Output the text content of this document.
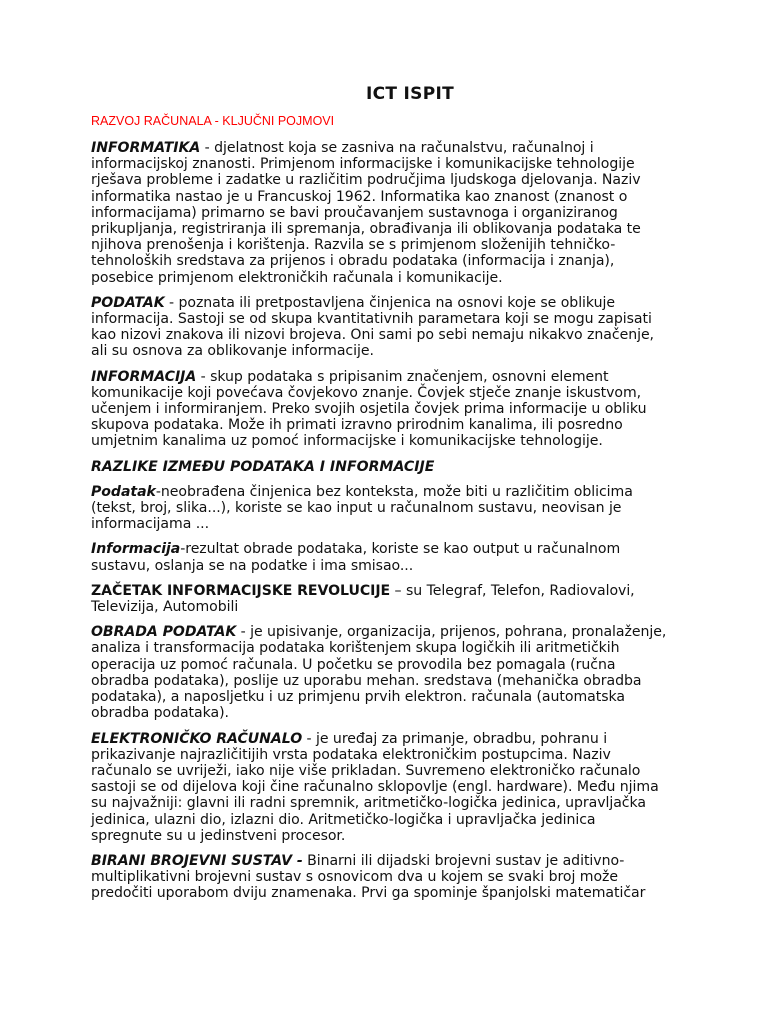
ICT ISPIT
RAZVOJ RAČUNALA - KLJUČNI POJMOVI

INFORMATIKA - djelatnost koja se zasniva na računalstvu, računalnoj i informacijskoj znanosti. Primjenom informacijske i komunikacijske tehnologije rješava probleme i zadatke u različitim područjima ljudskoga djelovanja. Naziv informatika nastao je u Francuskoj 1962. Informatika kao znanost (znanost o informacijama) primarno se bavi proučavanjem sustavnoga i organiziranog prikupljanja, registriranja ili spremanja, obrađivanja ili oblikovanja podataka te njihova prenošenja i korištenja. Razvila se s primjenom složenijih tehničko-tehnoloških sredstava za prijenos i obradu podataka (informacija i znanja), posebice primjenom elektroničkih računala i komunikacije.

PODATAK - poznata ili pretpostavljena činjenica na osnovi koje se oblikuje informacija. Sastoji se od skupa kvantitativnih parametara koji se mogu zapisati kao nizovi znakova ili nizovi brojeva. Oni sami po sebi nemaju nikakvo značenje, ali su osnova za oblikovanje informacije.

INFORMACIJA - skup podataka s pripisanim značenjem, osnovni element komunikacije koji povećava čovjekovo znanje. Čovjek stječe znanje iskustvom, učenjem i informiranjem. Preko svojih osjetila čovjek prima informacije u obliku skupova podataka. Može ih primati izravno prirodnim kanalima, ili posredno umjetnim kanalima uz pomoć informacijske i komunikacijske tehnologije.

RAZLIKE IZMEĐU PODATAKA I INFORMACIJE

Podatak-neobrađena činjenica bez konteksta, može biti u različitim oblicima (tekst, broj, slika...), koriste se kao input u računalnom sustavu, neovisan je informacijama ...

Informacija-rezultat obrade podataka, koriste se kao output u računalnom sustavu, oslanja se na podatke i ima smisao...

ZAČETAK INFORMACIJSKE REVOLUCIJE – su Telegraf, Telefon, Radiovalovi, Televizija, Automobili

OBRADA PODATAK - je upisivanje, organizacija, prijenos, pohrana, pronalaženje, analiza i transformacija podataka korištenjem skupa logičkih ili aritmetičkih operacija uz pomoć računala. U početku se provodila bez pomagala (ručna obradba podataka), poslije uz uporabu mehan. sredstava (mehanička obradba podataka), a naposljetku i uz primjenu prvih elektron. računala (automatska obradba podataka).

ELEKTRONIČKO RAČUNALO - je uređaj za primanje, obradbu, pohranu i prikazivanje najrazličitijih vrsta podataka elektroničkim postupcima. Naziv računalo se uvriježi, iako nije više prikladan. Suvremeno elektroničko računalo sastoji se od dijelova koji čine računalno sklopovlje (engl. hardware). Među njima su najvažniji: glavni ili radni spremnik, aritmetičko-logička jedinica, upravljačka jedinica, ulazni dio, izlazni dio. Aritmetičko-logička i upravljačka jedinica spregnute su u jedinstveni procesor.

BIRANI BROJEVNI SUSTAV - Binarni ili dijadski brojevni sustav je aditivno-multiplikativni brojevni sustav s osnovicom dva u kojem se svaki broj može predočiti uporabom dviju znamenaka. Prvi ga spominje španjolski matematičar
